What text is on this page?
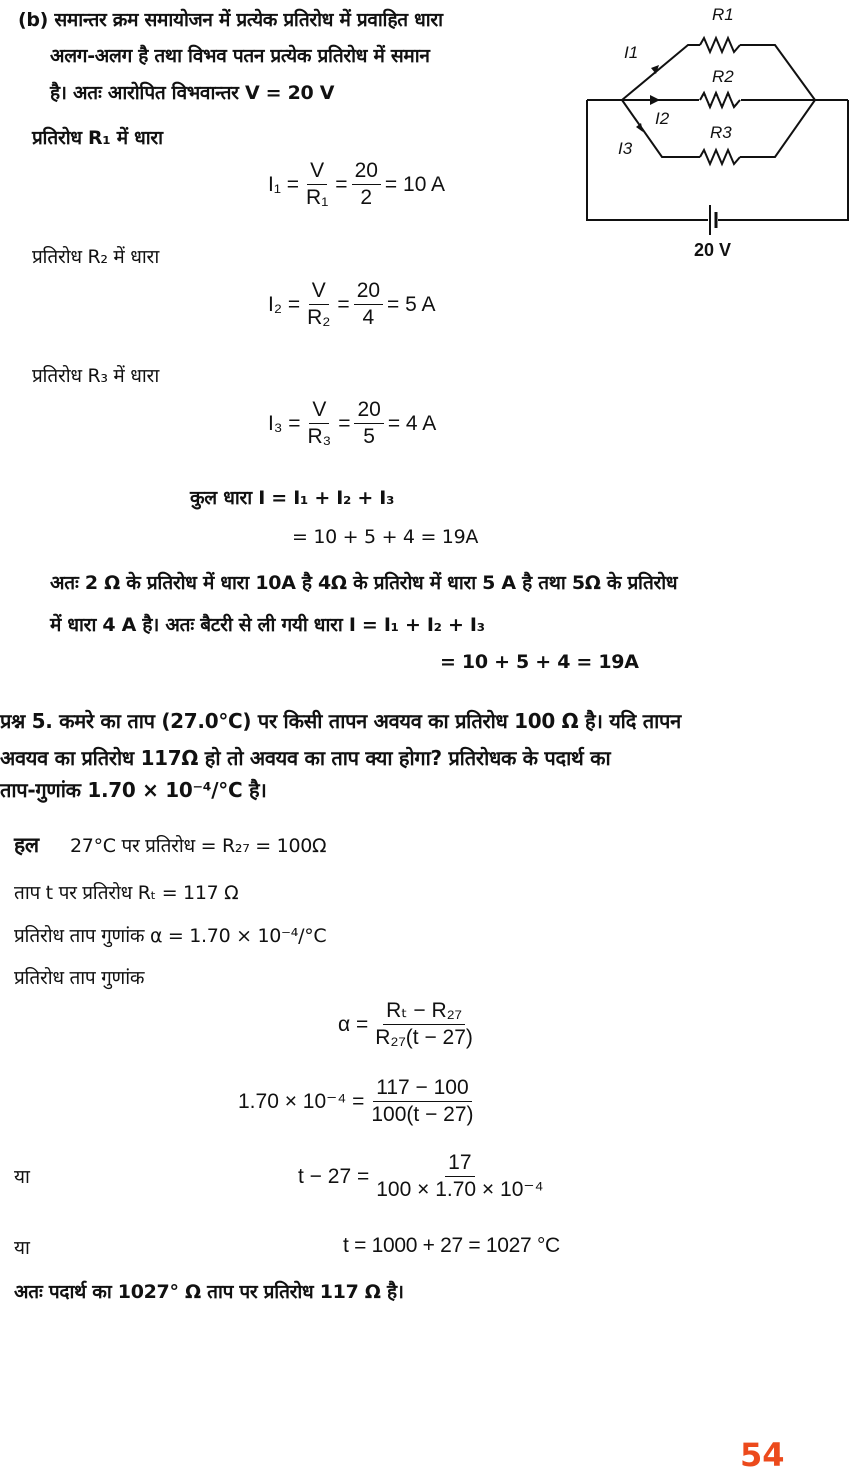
(b) समान्तर क्रम समायोजन में प्रत्येक प्रतिरोध में प्रवाहित धारा
अलग-अलग है तथा विभव पतन प्रत्येक प्रतिरोध में समान
है। अतः आरोपित विभवान्तर V = 20 V
प्रतिरोध R₁ में धारा
$I_1 = \frac{V}{\text{R₁}} = \frac{20}{2} = 10$ A
प्रतिरोध R₂ में धारा
$I_2 = \frac{V}{\text{R₂}} = \frac{20}{4} = 5$ A
प्रतिरोध R₃ में धारा
$I_3 = \frac{V}{\text{R₃}} = \frac{20}{5} = 4$ A
कुल धारा I = I₁ + I₂ + I₃
= 10 + 5 + 4 = 19A
अतः 2 Ω के प्रतिरोध में धारा 10A है 4Ω के प्रतिरोध में धारा 5 A है तथा 5Ω के प्रतिरोध
में धारा 4 A है। अतः बैटरी से ली गयी धारा I = I₁ + I₂ + I₃
= 10 + 5 + 4 = 19A
R1
I1
R2
I2
R3
I3
20 V
प्रश्न 5. कमरे का ताप (27.0°C) पर किसी तापन अवयव का प्रतिरोध 100 Ω है। यदि तापन
अवयव का प्रतिरोध 117Ω हो तो अवयव का ताप क्या होगा? प्रतिरोधक के पदार्थ का
ताप-गुणांक 1.70 × 10⁻⁴/°C है।
हल 27°C पर प्रतिरोध = R₂₇ = 100Ω
ताप t पर प्रतिरोध Rₜ = 117 Ω
प्रतिरोध ताप गुणांक α = 1.70 × 10⁻⁴/°C
प्रतिरोध ताप गुणांक
$\alpha = \frac{\text{Rₜ − R₂₇}}{\text{R₂₇(t − 27)}}$
$1.70 \times 10^{-4} = \frac{117 - 100}{100(t - 27)}$
या	$t - 27 = \frac{17}{\text{100 × 1.70 × 10⁻⁴}}$
या	t = 1000 + 27 = 1027 °C
अतः पदार्थ का 1027° Ω ताप पर प्रतिरोध 117 Ω है।
54
